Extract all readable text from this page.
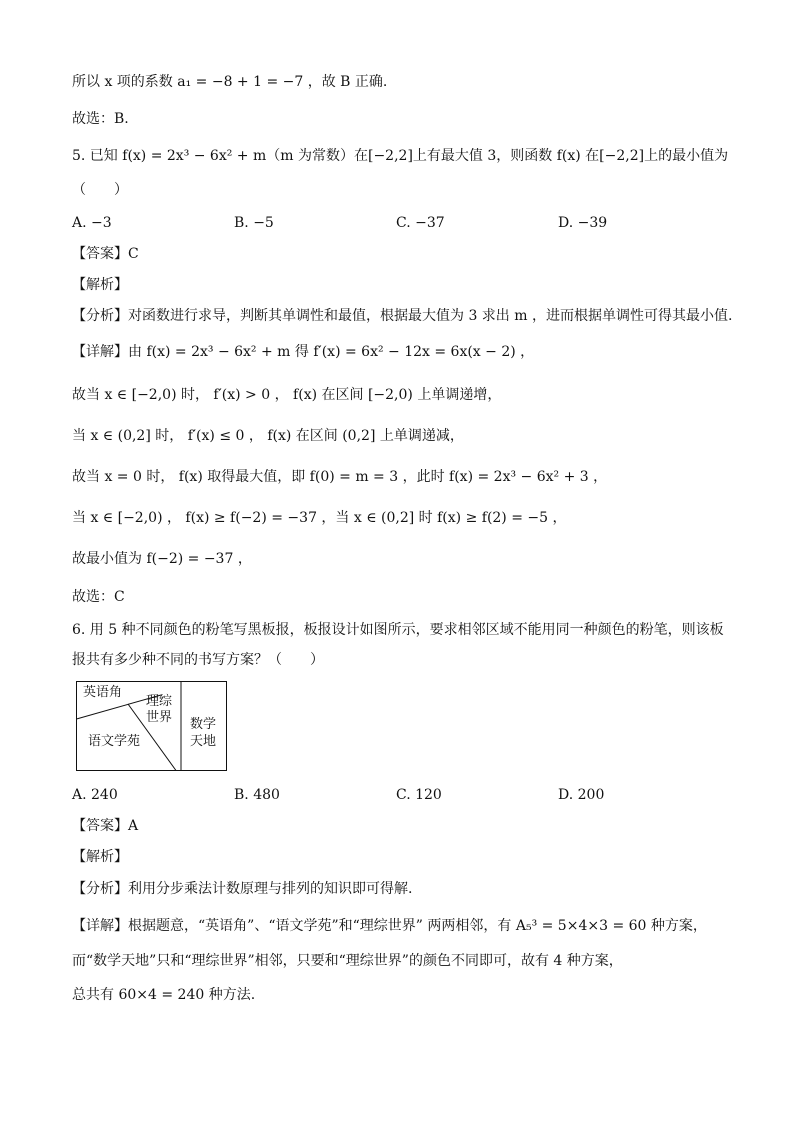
所以 x 项的系数 a₁ = −8 + 1 = −7 ，故 B 正确.
故选：B.
5. 已知 f(x) = 2x³ − 6x² + m（m 为常数）在[−2,2]上有最大值 3，则函数 f(x) 在[−2,2]上的最小值为
（　　）
A. −3	B. −5	C. −37	D. −39
【答案】C
【解析】
【分析】对函数进行求导，判断其单调性和最值，根据最大值为 3 求出 m ，进而根据单调性可得其最小值.
【详解】由 f(x) = 2x³ − 6x² + m 得 f′(x) = 6x² − 12x = 6x(x − 2) ，
故当 x ∈ [−2,0) 时， f′(x) > 0 ， f(x) 在区间 [−2,0) 上单调递增，
当 x ∈ (0,2] 时， f′(x) ≤ 0 ， f(x) 在区间 (0,2] 上单调递减，
故当 x = 0 时， f(x) 取得最大值，即 f(0) = m = 3 ，此时 f(x) = 2x³ − 6x² + 3 ，
当 x ∈ [−2,0) ， f(x) ≥ f(−2) = −37 ，当 x ∈ (0,2] 时 f(x) ≥ f(2) = −5 ，
故最小值为 f(−2) = −37 ，
故选：C
6. 用 5 种不同颜色的粉笔写黑板报，板报设计如图所示，要求相邻区域不能用同一种颜色的粉笔，则该板
报共有多少种不同的书写方案？（　　）
英语角
理综
世界 数学
天地
语文学苑
A. 240	B. 480	C. 120	D. 200
【答案】A
【解析】
【分析】利用分步乘法计数原理与排列的知识即可得解.
【详解】根据题意，“英语角”、“语文学苑”和“理综世界” 两两相邻，有 A₅³ = 5×4×3 = 60 种方案，
而“数学天地”只和“理综世界”相邻，只要和“理综世界”的颜色不同即可，故有 4 种方案，
总共有 60×4 = 240 种方法.
